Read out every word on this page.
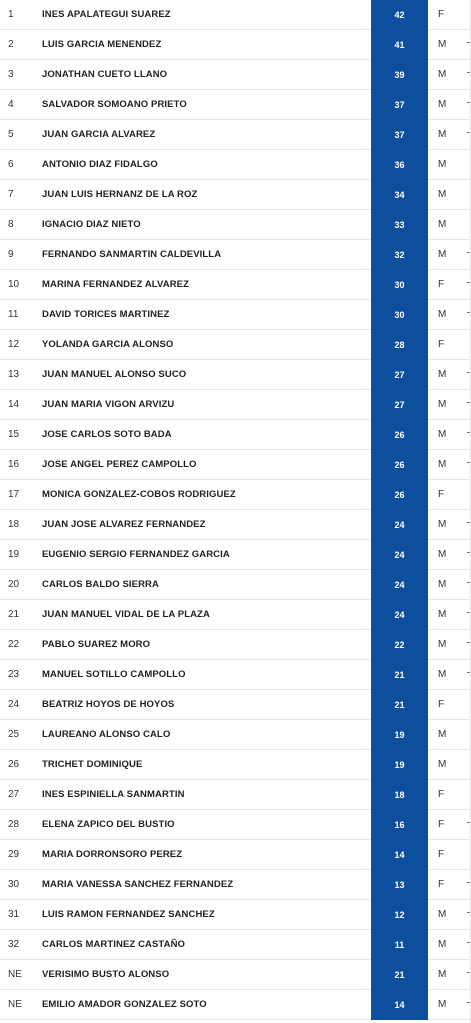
1	INES APALATEGUI SUAREZ	42	F
2	LUIS GARCIA MENENDEZ	41	M
3	JONATHAN CUETO LLANO	39	M
4	SALVADOR SOMOANO PRIETO	37	M
5	JUAN GARCIA ALVAREZ	37	M
6	ANTONIO DIAZ FIDALGO	36	M
7	JUAN LUIS HERNANZ DE LA ROZ	34	M
8	IGNACIO DIAZ NIETO	33	M
9	FERNANDO SANMARTIN CALDEVILLA	32	M
10	MARINA FERNANDEZ ALVAREZ	30	F
11	DAVID TORICES MARTINEZ	30	M
12	YOLANDA GARCIA ALONSO	28	F
13	JUAN MANUEL ALONSO SUCO	27	M
14	JUAN MARIA VIGON ARVIZU	27	M
15	JOSE CARLOS SOTO BADA	26	M
16	JOSE ANGEL PEREZ CAMPOLLO	26	M
17	MONICA GONZALEZ-COBOS RODRIGUEZ	26	F
18	JUAN JOSE ALVAREZ FERNANDEZ	24	M
19	EUGENIO SERGIO FERNANDEZ GARCIA	24	M
20	CARLOS BALDO SIERRA	24	M
21	JUAN MANUEL VIDAL DE LA PLAZA	24	M
22	PABLO SUAREZ MORO	22	M
23	MANUEL SOTILLO CAMPOLLO	21	M
24	BEATRIZ HOYOS DE HOYOS	21	F
25	LAUREANO ALONSO CALO	19	M
26	TRICHET DOMINIQUE	19	M
27	INES ESPINIELLA SANMARTIN	18	F
28	ELENA ZAPICO DEL BUSTIO	16	F
29	MARIA DORRONSORO PEREZ	14	F
30	MARIA VANESSA SANCHEZ FERNANDEZ	13	F
31	LUIS RAMON FERNANDEZ SANCHEZ	12	M
32	CARLOS MARTINEZ CASTAÑO	11	M
NE	VERISIMO BUSTO ALONSO	21	M
NE	EMILIO AMADOR GONZALEZ SOTO	14	M
